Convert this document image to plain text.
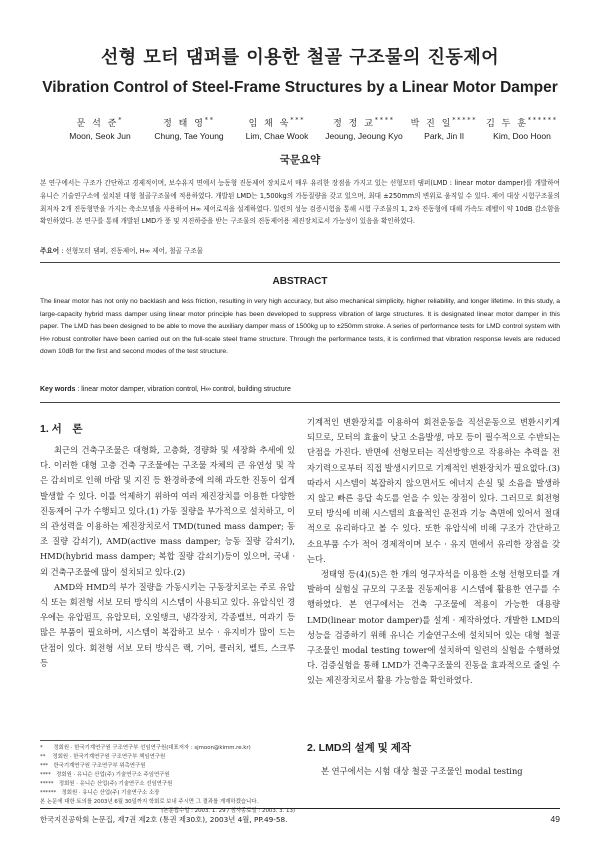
선형 모터 댐퍼를 이용한 철골 구조물의 진동제어
Vibration Control of Steel-Frame Structures by a Linear Motor Damper
문 석 준*
Moon, Seok Jun
정 태 영**
Chung, Tae Young
임 채 욱***
Lim, Chae Wook
정 정 교****
Jeoung, Jeoung Kyo
박 진 일*****
Park, Jin Il
김 두 훈******
Kim, Doo Hoon
국문요약
본 연구에서는 구조가 간단하고 경제적이며, 보수유지 면에서 능동형 진동제어 장치로서 매우 유리한 장점을 가지고 있는 선형모터 댐퍼(LMD : linear motor damper)를 개발하여 유니슨 기술연구소에 설치된 대형 철골구조물에 적용하였다. 개발된 LMD는 1,500kg의 가동질량을 갖고 있으며, 최대 ±250mm의 변위로 움직일 수 있다. 제어 대상 시험구조물의 최저차 2개 진동형만을 가지는 축소모델을 사용하여 H∞ 제어로직을 설계하였다. 일련의 성능 검증시험을 통해 시험 구조물의 1, 2차 진동형에 대해 가속도 레벨이 약 10dB 감소함을 확인하였다. 본 연구를 통해 개발된 LMD가 풍 및 지진하중을 받는 구조물의 진동제어용 제진장치로서 가능성이 있음을 확인하였다.
주요어 : 선형모터 댐퍼, 진동제어, H∞ 제어, 철골 구조물
ABSTRACT
The linear motor has not only no backlash and less friction, resulting in very high accuracy, but also mechanical simplicity, higher reliability, and longer lifetime. In this study, a large-capacity hybrid mass damper using linear motor principle has been developed to suppress vibration of large structures. It is designated linear motor damper in this paper. The LMD has been designed to be able to move the auxiliary damper mass of 1500kg up to ±250mm stroke. A series of performance tests for LMD control system with H∞ robust controller have been carried out on the full-scale steel frame structure. Through the performance tests, it is confirmed that vibration response levels are reduced down 10dB for the first and second modes of the test structure.
Key words : linear motor damper, vibration control, H∞ control, building structure
1. 서　론

최근의 건축구조물은 대형화, 고층화, 경량화 및 세장화 추세에 있다. 이러한 대형 고층 건축 구조물에는 구조물 자체의 큰 유연성 및 작은 감쇠비로 인해 바람 및 지진 등 환경하중에 의해 과도한 진동이 쉽게 발생할 수 있다. 이를 억제하기 위하여 여러 제진장치를 이용한 다양한 진동제어 구가 수행되고 있다.(1) 가동 질량을 부가적으로 설치하고, 이의 관성력을 이용하는 제진장치로서 TMD(tuned mass damper; 동조 질량 감쇠기), AMD(active mass damper; 능동 질량 감쇠기), HMD(hybrid mass damper; 복합 질량 감쇠기)등이 있으며, 국내 · 외 건축구조물에 많이 설치되고 있다.(2)

AMD와 HMD의 부가 질량을 가동시키는 구동장치로는 주로 유압식 또는 회전형 서보 모터 방식의 시스템이 사용되고 있다. 유압식인 경우에는 유압펌프, 유압모터, 오일탱크, 냉각장치, 각종밸브, 여과기 등 많은 부품이 필요하며, 시스템이 복잡하고 보수 · 유지비가 많이 드는 단점이 있다. 회전형 서보 모터 방식은 랙, 기어, 클러치, 벨트, 스크루 등

*　　정회원 · 한국기계연구원 구조연구부 선임연구원(대표저자 : sjmoon@kimm.re.kr)
**　 정회원 · 한국기계연구원 구조연구부 책임연구원
***　한국기계연구원 구조연구부 위촉연구원
****　정회원 · 유니슨 산업(주) 기술연구소 주임연구원
*****　정회원 · 유니슨 산업(주) 기술연구소 선임연구원
******　정회원 · 유니슨 산업(주) 기술연구소 소장
본 논문에 대한 토의를 2003년 6월 30일까지 학회로 보내 주시면 그 결과를 게재하겠습니다.
(논문접수일 : 2003. 1. 29 / 심사종료일 : 2003. 3. 13)

기계적인 변환장치를 이용하여 회전운동을 직선운동으로 변환시키게 되므로, 모터의 효율이 낮고 소음발생, 마모 등이 필수적으로 수반되는 단점을 가진다. 반면에 선형모터는 직선방향으로 작용하는 추력을 전자기력으로부터 직접 발생시키므로 기계적인 변환장치가 필요없다.(3) 따라서 시스템이 복잡하지 않으면서도 에너지 손실 및 소음을 발생하지 않고 빠른 응답 속도를 얻을 수 있는 장점이 있다. 그러므로 회전형 모터 방식에 비해 시스템의 효율적인 운전과 기능 측면에 있어서 절대적으로 유리하다고 볼 수 있다. 또한 유압식에 비해 구조가 간단하고 소요부품 수가 적어 경제적이며 보수 · 유지 면에서 유리한 장점을 갖는다.

정태영 등(4)(5)은 한 개의 영구자석을 이용한 소형 선형모터를 개발하여 실험실 규모의 구조물 진동제어용 시스템에 활용한 연구를 수행하였다. 본 연구에서는 건축 구조물에 적용이 가능한 대용량 LMD(linear motor damper)를 설계 · 제작하였다. 개발한 LMD의 성능을 검증하기 위해 유니슨 기술연구소에 설치되어 있는 대형 철골 구조물인 modal testing tower에 설치하여 일련의 실험을 수행하였다. 검증실험을 통해 LMD가 건축구조물의 진동을 효과적으로 줄일 수 있는 제진장치로서 활용 가능함을 확인하였다.

2. LMD의 설계 및 제작

본 연구에서는 시험 대상 철골 구조물인 modal testing

한국지진공학회 논문집, 제7권 제2호 (통권 제30호), 2003년 4월, PP.49-58.	49
